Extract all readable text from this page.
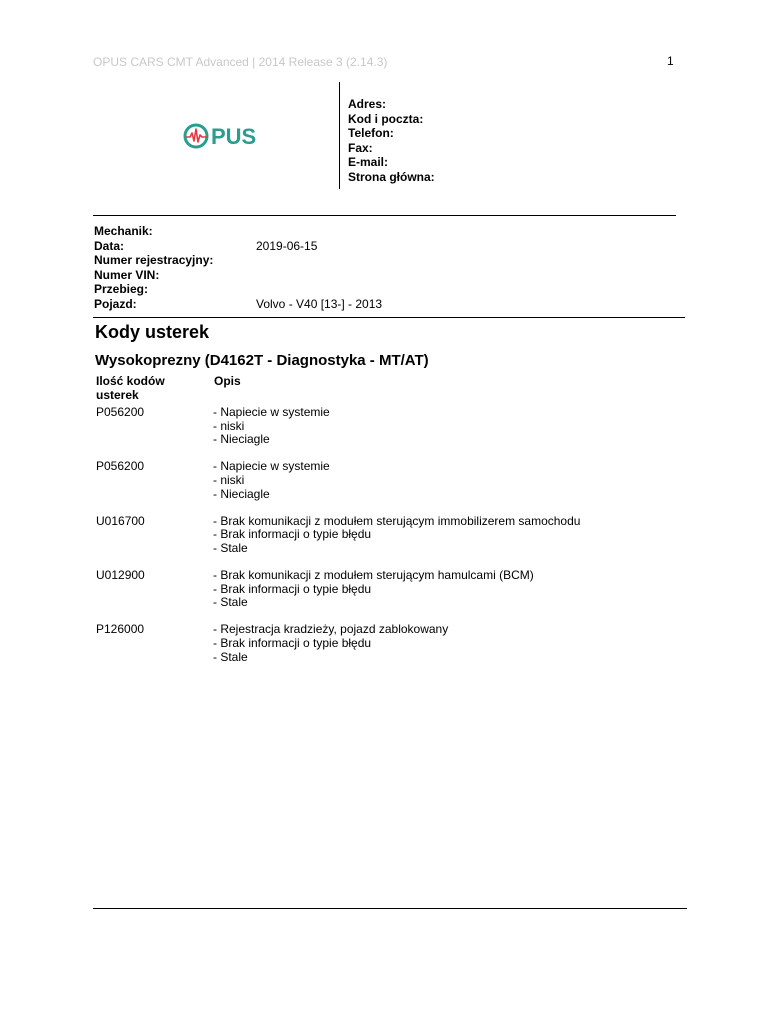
OPUS CARS CMT Advanced | 2014 Release 3 (2.14.3)	1
PUS
Adres:
Kod i poczta:
Telefon:
Fax:
E-mail:
Strona główna:
Mechanik:
Data:	2019-06-15
Numer rejestracyjny:
Numer VIN:
Przebieg:
Pojazd:	Volvo - V40 [13-] - 2013
Kody usterek
Wysokoprezny (D4162T - Diagnostyka - MT/AT)
Ilość kodów usterek
Opis
P056200	- Napiecie w systemie
- niski
- Nieciagle
P056200	- Napiecie w systemie
- niski
- Nieciagle
U016700	- Brak komunikacji z modułem sterującym immobilizerem samochodu
- Brak informacji o typie błędu
- Stale
U012900	- Brak komunikacji z modułem sterującym hamulcami (BCM)
- Brak informacji o typie błędu
- Stale
P126000	- Rejestracja kradzieży, pojazd zablokowany
- Brak informacji o typie błędu
- Stale
